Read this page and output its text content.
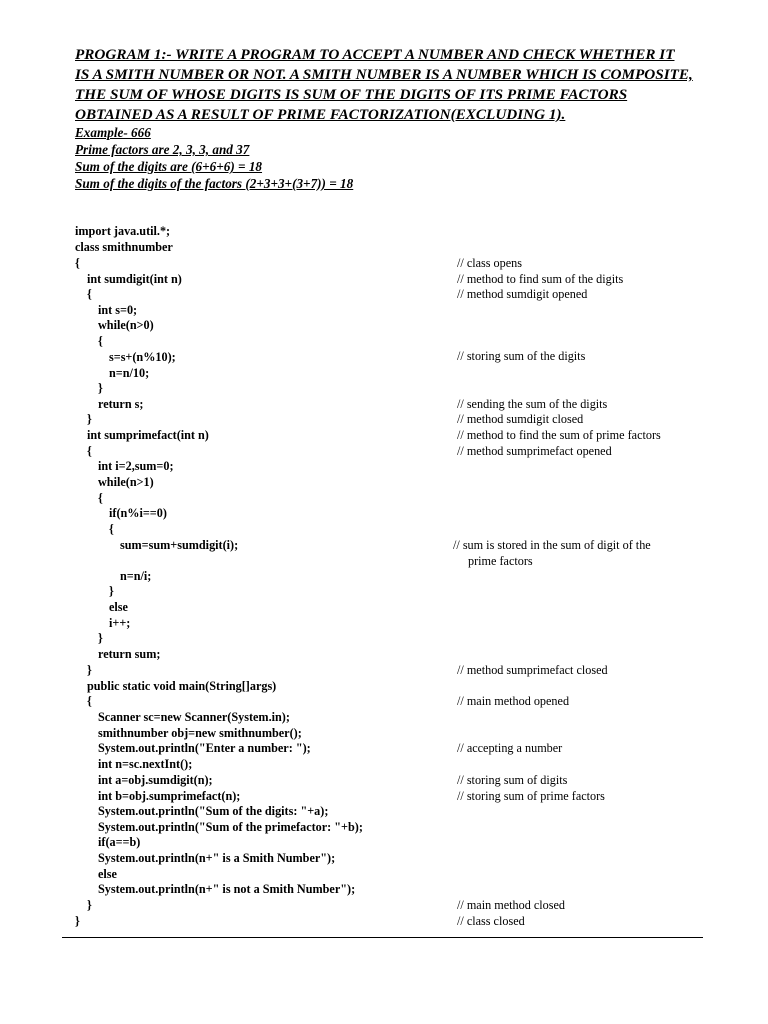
PROGRAM 1:- WRITE A PROGRAM TO ACCEPT A NUMBER AND CHECK WHETHER IT
IS A SMITH NUMBER OR NOT. A SMITH NUMBER IS A NUMBER WHICH IS COMPOSITE,
THE SUM OF WHOSE DIGITS IS SUM OF THE DIGITS OF ITS PRIME FACTORS
OBTAINED AS A RESULT OF PRIME FACTORIZATION(EXCLUDING 1).
Example- 666
Prime factors are 2, 3, 3, and 37
Sum of the digits are (6+6+6) = 18
Sum of the digits of the factors (2+3+3+(3+7)) = 18
import java.util.*;
class smithnumber
{
int sumdigit(int n)
{
int s=0;
while(n>0)
{
s=s+(n%10);
n=n/10;
}
return s;
}
int sumprimefact(int n)
{
int i=2,sum=0;
while(n>1)
{
if(n%i==0)
{
sum=sum+sumdigit(i);
n=n/i;
}
else
i++;
}
return sum;
}
public static void main(String[]args)
{
Scanner sc=new Scanner(System.in);
smithnumber obj=new smithnumber();
System.out.println("Enter a number: ");
int n=sc.nextInt();
int a=obj.sumdigit(n);
int b=obj.sumprimefact(n);
System.out.println("Sum of the digits: "+a);
System.out.println("Sum of the primefactor: "+b);
if(a==b)
System.out.println(n+" is a Smith Number");
else
System.out.println(n+" is not a Smith Number");
}
}
// class opens
// method to find sum of the digits
// method sumdigit opened
// storing sum of the digits
// sending the sum of the digits
// method sumdigit closed
// method to find the sum of prime factors
// method sumprimefact opened
// sum is stored in the sum of digit of the
prime factors
// method sumprimefact closed
// main method opened
// accepting a number
// storing sum of digits
// storing sum of prime factors
// main method closed
// class closed
